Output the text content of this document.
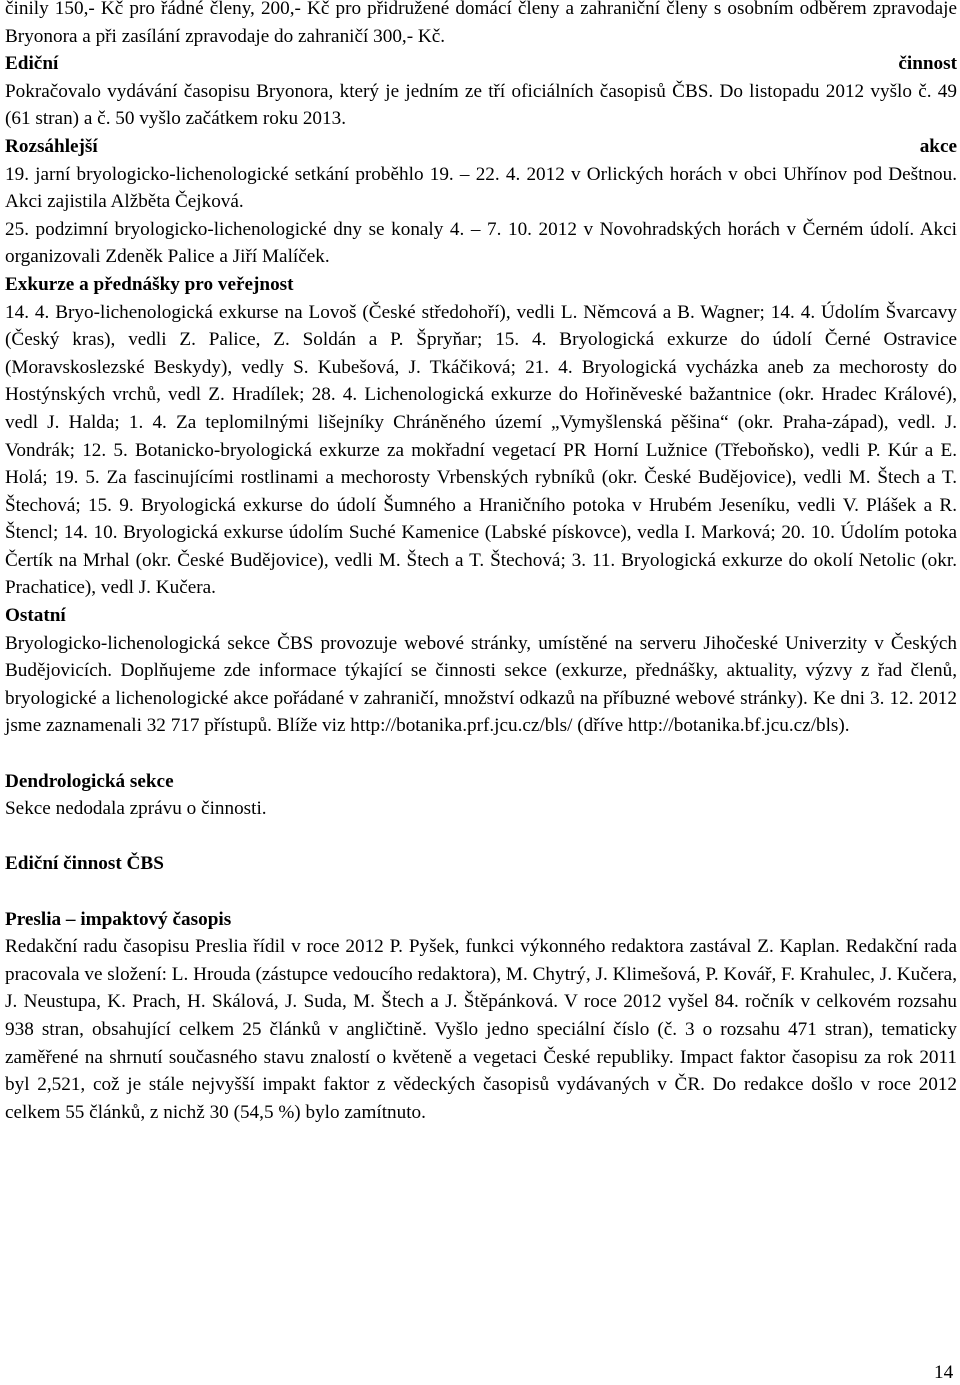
činily 150,- Kč pro řádné členy, 200,- Kč pro přidružené domácí členy a zahraniční členy s osobním odběrem zpravodaje Bryonora a při zasílání zpravodaje do zahraničí 300,- Kč.

Ediční	činnost

Pokračovalo vydávání časopisu Bryonora, který je jedním ze tří oficiálních časopisů ČBS. Do listopadu 2012 vyšlo č. 49 (61 stran) a č. 50 vyšlo začátkem roku 2013.

Rozsáhlejší	akce

19. jarní bryologicko-lichenologické setkání proběhlo 19. – 22. 4. 2012 v Orlických horách v obci Uhřínov pod Deštnou. Akci zajistila Alžběta Čejková.

25. podzimní bryologicko-lichenologické dny se konaly 4. – 7. 10. 2012 v Novohradských horách v Černém údolí. Akci organizovali Zdeněk Palice a Jiří Malíček.

Exkurze a přednášky pro veřejnost

14. 4. Bryo-lichenologická exkurse na Lovoš (České středohoří), vedli L. Němcová a B. Wagner; 14. 4. Údolím Švarcavy (Český kras), vedli Z. Palice, Z. Soldán a P. Špryňar; 15. 4. Bryologická exkurze do údolí Černé Ostravice (Moravskoslezské Beskydy), vedly S. Kubešová, J. Tkáčiková; 21. 4. Bryologická vycházka aneb za mechorosty do Hostýnských vrchů, vedl Z. Hradílek; 28. 4. Lichenologická exkurze do Hořiněveské bažantnice (okr. Hradec Králové), vedl J. Halda; 1. 4. Za teplomilnými lišejníky Chráněného území „Vymyšlenská pěšina“ (okr. Praha-západ), vedl. J. Vondrák; 12. 5. Botanicko-bryologická exkurze za mokřadní vegetací PR Horní Lužnice (Třeboňsko), vedli P. Kúr a E. Holá; 19. 5. Za fascinujícími rostlinami a mechorosty Vrbenských rybníků (okr. České Budějovice), vedli M. Štech a T. Štechová; 15. 9. Bryologická exkurse do údolí Šumného a Hraničního potoka v Hrubém Jeseníku, vedli V. Plášek a R. Štencl; 14. 10. Bryologická exkurse údolím Suché Kamenice (Labské pískovce), vedla I. Marková; 20. 10. Údolím potoka Čertík na Mrhal (okr. České Budějovice), vedli M. Štech a T. Štechová; 3. 11. Bryologická exkurze do okolí Netolic (okr. Prachatice), vedl J. Kučera.

Ostatní

Bryologicko-lichenologická sekce ČBS provozuje webové stránky, umístěné na serveru Jihočeské Univerzity v Českých Budějovicích. Doplňujeme zde informace týkající se činnosti sekce (exkurze, přednášky, aktuality, výzvy z řad členů, bryologické a lichenologické akce pořádané v zahraničí, množství odkazů na příbuzné webové stránky). Ke dni 3. 12. 2012 jsme zaznamenali 32 717 přístupů. Blíže viz http://botanika.prf.jcu.cz/bls/ (dříve http://botanika.bf.jcu.cz/bls).

Dendrologická sekce

Sekce nedodala zprávu o činnosti.

Ediční činnost ČBS

Preslia – impaktový časopis

Redakční radu časopisu Preslia řídil v roce 2012 P. Pyšek, funkci výkonného redaktora zastával Z. Kaplan. Redakční rada pracovala ve složení: L. Hrouda (zástupce vedoucího redaktora), M. Chytrý, J. Klimešová, P. Kovář, F. Krahulec, J. Kučera, J. Neustupa, K. Prach, H. Skálová, J. Suda, M. Štech a J. Štěpánková. V roce 2012 vyšel 84. ročník v celkovém rozsahu 938 stran, obsahující celkem 25 článků v angličtině. Vyšlo jedno speciální číslo (č. 3 o rozsahu 471 stran), tematicky zaměřené na shrnutí současného stavu znalostí o květeně a vegetaci České republiky. Impact faktor časopisu za rok 2011 byl 2,521, což je stále nejvyšší impakt faktor z vědeckých časopisů vydávaných v ČR. Do redakce došlo v roce 2012 celkem 55 článků, z nichž 30 (54,5 %) bylo zamítnuto.

14
